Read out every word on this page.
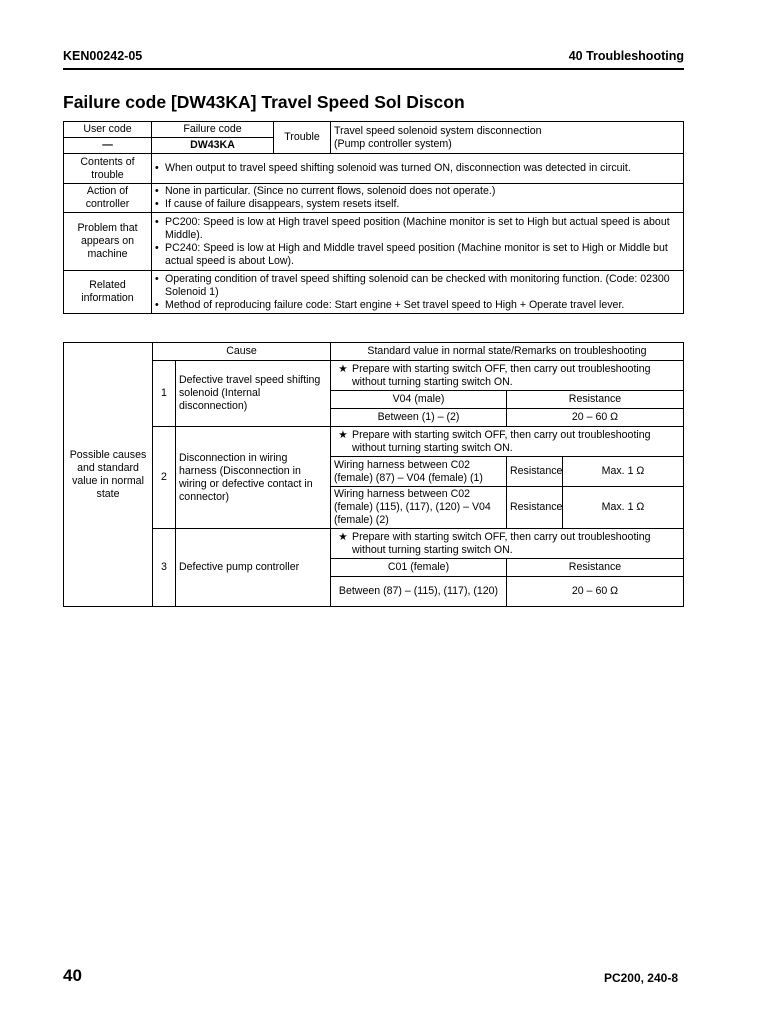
KEN00242-05	40 Troubleshooting
Failure code [DW43KA] Travel Speed Sol Discon
User code	Failure code	Trouble	Travel speed solenoid system disconnection
(Pump controller system)

—	DW43KA		
Contents of trouble	• When output to travel speed shifting solenoid was turned ON, disconnection was detected in circuit.		

Action of controller	• None in particular. (Since no current flows, solenoid does not operate.)
• If cause of failure disappears, system resets itself.		

Problem that appears on machine	• PC200: Speed is low at High travel speed position (Machine monitor is set to High but actual speed is about Middle).
• PC240: Speed is low at High and Middle travel speed position (Machine monitor is set to High or Middle but actual speed is about Low).		

Related information	• Operating condition of travel speed shifting solenoid can be checked with monitoring function. (Code: 02300 Solenoid 1)
• Method of reproducing failure code: Start engine + Set travel speed to High + Operate travel lever.		
Possible causes and standard value in normal state	Cause		Standard value in normal state/Remarks on troubleshooting		
	1	Defective travel speed shifting solenoid (Internal disconnection)	★ Prepare with starting switch OFF, then carry out troubleshooting without turning starting switch ON.		

			V04 (male)	Resistance	
			Between (1) – (2)	20 – 60 Ω	
	2	Disconnection in wiring harness (Disconnection in wiring or defective contact in connector)	★ Prepare with starting switch OFF, then carry out troubleshooting without turning starting switch ON.		

			Wiring harness between C02 (female) (87) – V04 (female) (1)	Resistance	Max. 1 Ω
			Wiring harness between C02 (female) (115), (117), (120) – V04 (female) (2)	Resistance	Max. 1 Ω
	3	Defective pump controller	★ Prepare with starting switch OFF, then carry out troubleshooting without turning starting switch ON.		

			C01 (female)	Resistance	
			Between (87) – (115), (117), (120)	20 – 60 Ω	
40	PC200, 240-8
